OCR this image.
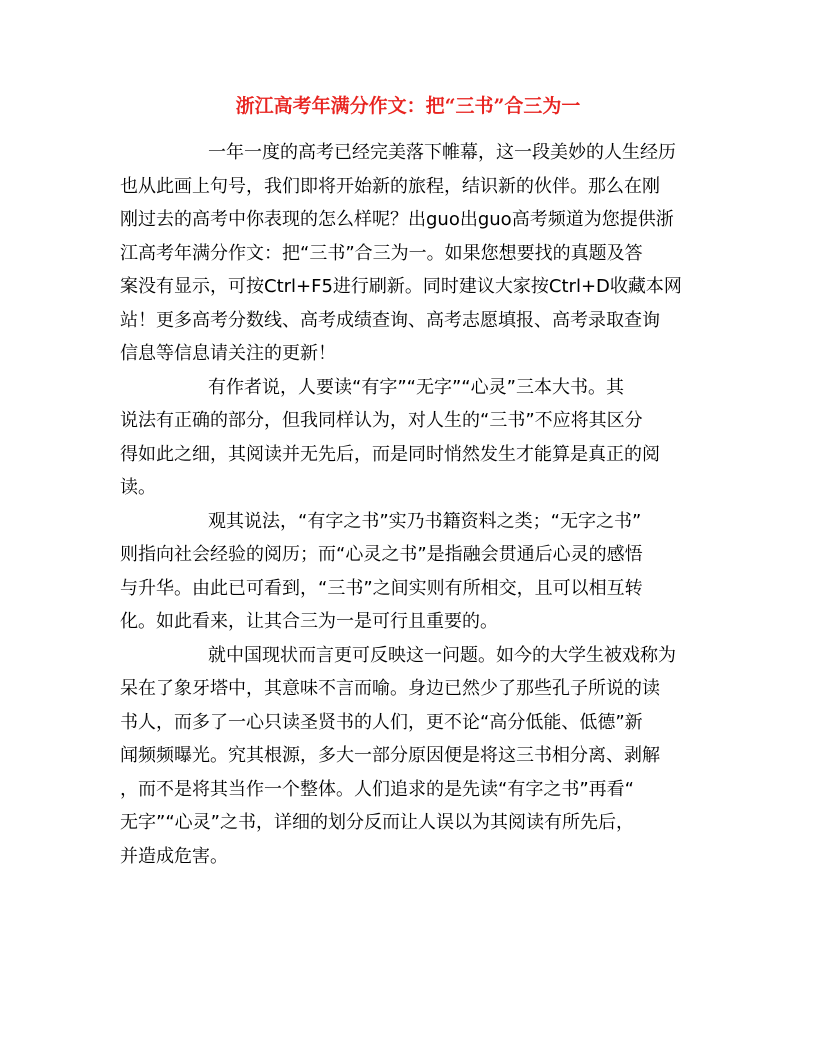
浙江高考年满分作文：把“三书”合三为一
一年一度的高考已经完美落下帷幕，这一段美妙的人生经历
也从此画上句号，我们即将开始新的旅程，结识新的伙伴。那么在刚
刚过去的高考中你表现的怎么样呢？出guo出guo高考频道为您提供浙
江高考年满分作文：把“三书”合三为一。如果您想要找的真题及答
案没有显示，可按Ctrl+F5进行刷新。同时建议大家按Ctrl+D收藏本网
站！更多高考分数线、高考成绩查询、高考志愿填报、高考录取查询
信息等信息请关注的更新！
有作者说，人要读“有字”“无字”“心灵”三本大书。其
说法有正确的部分，但我同样认为，对人生的“三书”不应将其区分
得如此之细，其阅读并无先后，而是同时悄然发生才能算是真正的阅
读。
观其说法，“有字之书”实乃书籍资料之类；“无字之书”
则指向社会经验的阅历；而“心灵之书”是指融会贯通后心灵的感悟
与升华。由此已可看到，“三书”之间实则有所相交，且可以相互转
化。如此看来，让其合三为一是可行且重要的。
就中国现状而言更可反映这一问题。如今的大学生被戏称为
呆在了象牙塔中，其意味不言而喻。身边已然少了那些孔子所说的读
书人，而多了一心只读圣贤书的人们，更不论“高分低能、低德”新
闻频频曝光。究其根源，多大一部分原因便是将这三书相分离、剥解
，而不是将其当作一个整体。人们追求的是先读“有字之书”再看“
无字”“心灵”之书，详细的划分反而让人误以为其阅读有所先后，
并造成危害。
